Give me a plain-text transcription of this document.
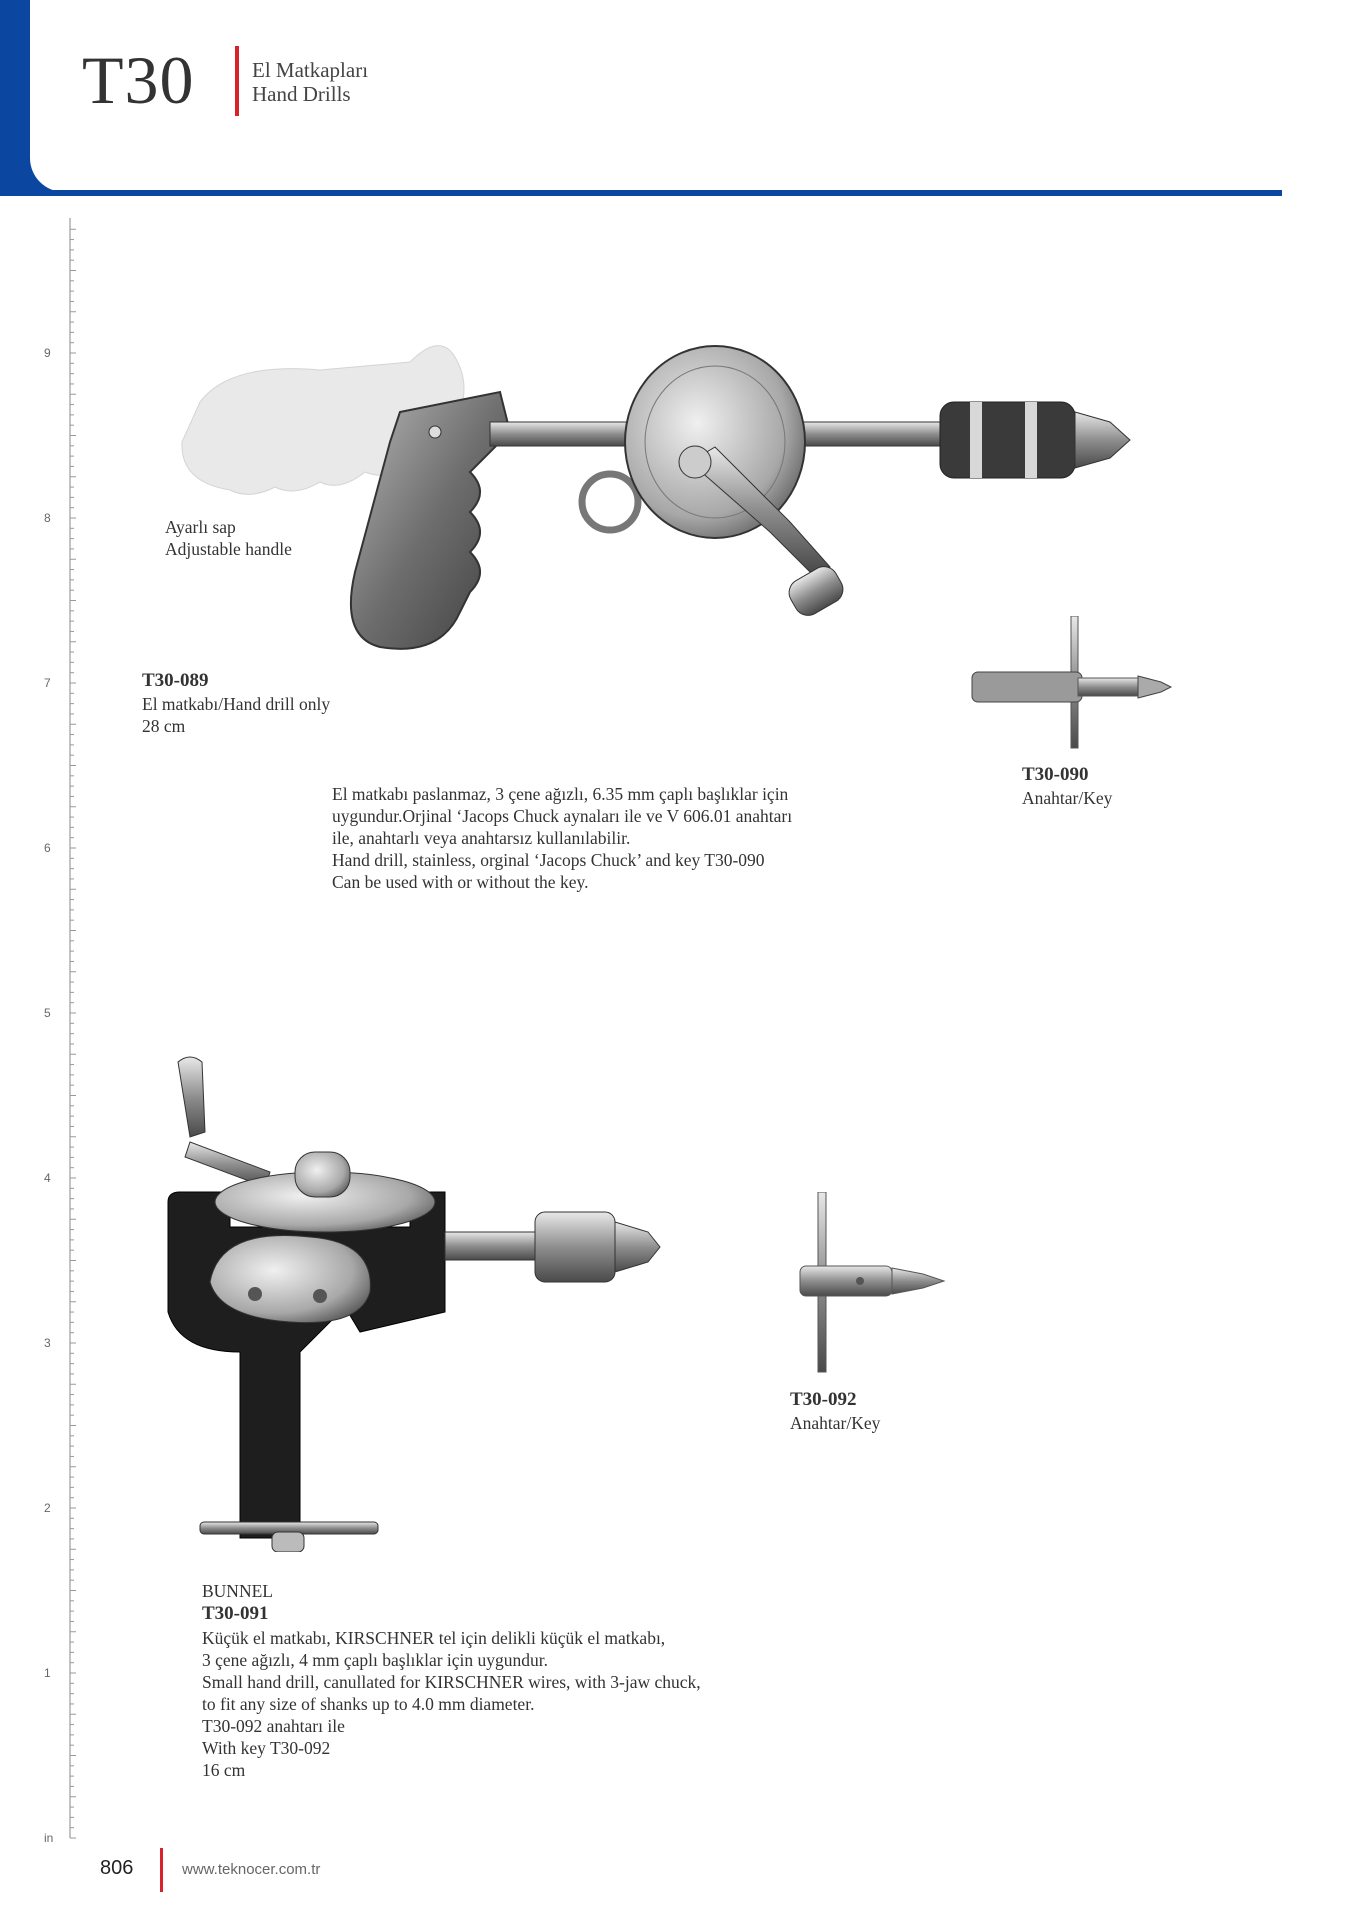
T30	El Matkapları
Hand Drills
9
8
7
6
5
4
3
2
1
in
Ayarlı sap
Adjustable handle
T30-089
El matkabı/Hand drill only
28 cm
El matkabı paslanmaz, 3 çene ağızlı, 6.35 mm çaplı başlıklar için
uygundur.Orjinal ‘Jacops Chuck aynaları ile ve V 606.01 anahtarı
ile, anahtarlı veya anahtarsız kullanılabilir.
Hand drill, stainless, orginal ‘Jacops Chuck’ and key T30-090
Can be used with or without the key.
T30-090
Anahtar/Key
T30-092
Anahtar/Key
BUNNEL
T30-091
Küçük el matkabı, KIRSCHNER tel için delikli küçük el matkabı,
3 çene ağızlı, 4 mm çaplı başlıklar için uygundur.
Small hand drill, canullated for KIRSCHNER wires, with 3-jaw chuck,
to fit any size of shanks up to 4.0 mm diameter.
T30-092 anahtarı ile
With key T30-092
16 cm
806	www.teknocer.com.tr
